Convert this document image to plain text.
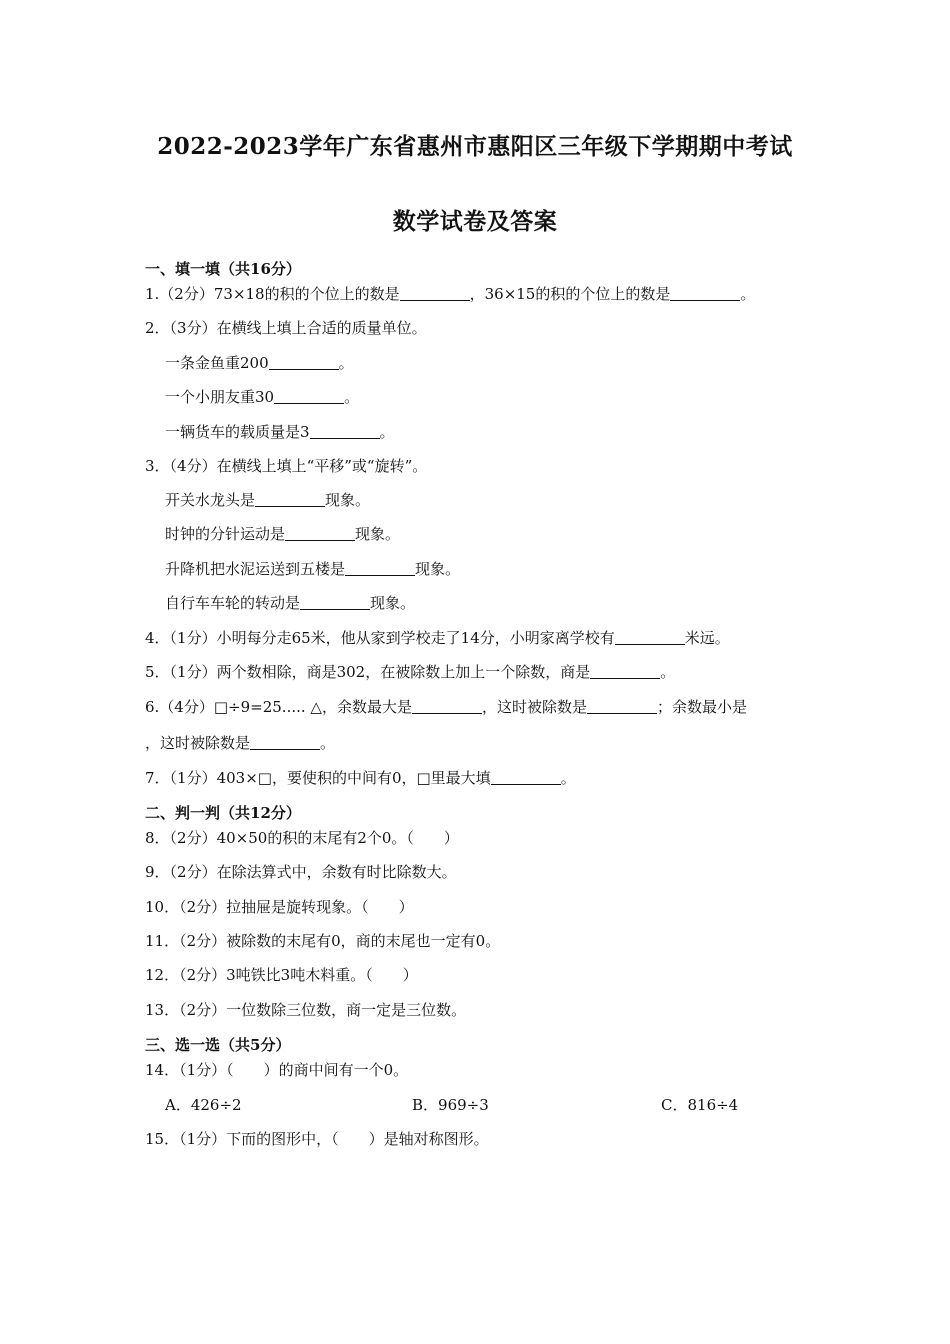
2022-2023学年广东省惠州市惠阳区三年级下学期期中考试
数学试卷及答案
一、填一填（共16分）
1.（2分）73×18的积的个位上的数是	，36×15的积的个位上的数是	。
2．（3分）在横线上填上合适的质量单位。
一条金鱼重200	。
一个小朋友重30	。
一辆货车的载质量是3	。
3．（4分）在横线上填上“平移”或“旋转”。
开关水龙头是	现象。
时钟的分针运动是	现象。
升降机把水泥运送到五楼是	现象。
自行车车轮的转动是	现象。
4．（1分）小明每分走65米，他从家到学校走了14分，小明家离学校有	米远。
5．（1分）两个数相除，商是302，在被除数上加上一个除数，商是	。
6.（4分）□÷9=25..... △，余数最大是	，这时被除数是	；余数最小是
，这时被除数是	。
7．（1分）403×□，要使积的中间有0，□里最大填	。
二、判一判（共12分）
8．（2分）40×50的积的末尾有2个0。（　　）
9．（2分）在除法算式中，余数有时比除数大。
10．（2分）拉抽屉是旋转现象。（　　）
11．（2分）被除数的末尾有0，商的末尾也一定有0。
12．（2分）3吨铁比3吨木料重。（　　）
13．（2分）一位数除三位数，商一定是三位数。
三、选一选（共5分）
14．（1分）（　　）的商中间有一个0。
A．426÷2	B．969÷3	C．816÷4
15．（1分）下而的图形中，（　　）是轴对称图形。
